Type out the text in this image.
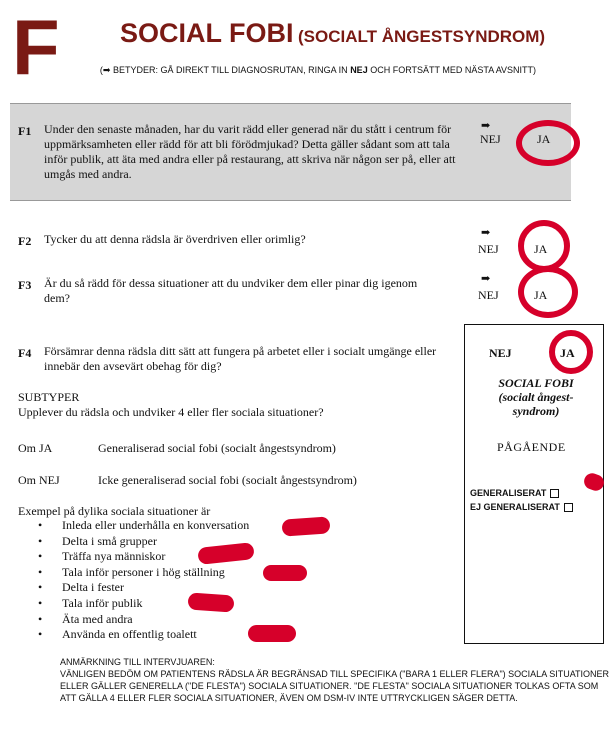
F SOCIAL FOBI (SOCIALT ÅNGESTSYNDROM)
(➡ BETYDER: GÅ DIREKT TILL DIAGNOSRUTAN, RINGA IN NEJ OCH FORTSÄTT MED NÄSTA AVSNITT)
F1 Under den senaste månaden, har du varit rädd eller generad när du stått i centrum för uppmärksamheten eller rädd för att bli förödmjukad? Detta gäller sådant som att tala inför publik, att äta med andra eller på restaurang, att skriva när någon ser på, eller att umgås med andra.
➡
NEJ	JA
F2 Tycker du att denna rädsla är överdriven eller orimlig?	➡
NEJ	JA
F3 Är du så rädd för dessa situationer att du undviker dem eller pinar dig igenom dem?
➡
NEJ	JA
F4 Försämrar denna rädsla ditt sätt att fungera på arbetet eller i socialt umgänge eller innebär den avsevärt obehag för dig?
NEJ	JA
SOCIAL FOBI (socialt ångest- syndrom)
PÅGÅENDE
GENERALISERAT
EJ GENERALISERAT
SUBTYPER
Upplever du rädsla och undviker 4 eller fler sociala situationer?
Om JA	Generaliserad social fobi (socialt ångestsyndrom)
Om NEJ	Icke generaliserad social fobi (socialt ångestsyndrom)
Exempel på dylika sociala situationer är
• Inleda eller underhålla en konversation
• Delta i små grupper
• Träffa nya människor
• Tala inför personer i hög ställning
• Delta i fester
• Tala inför publik
• Äta med andra
• Använda en offentlig toalett
ANMÄRKNING TILL INTERVJUAREN:
VÄNLIGEN BEDÖM OM PATIENTENS RÄDSLA ÄR BEGRÄNSAD TILL SPECIFIKA ("BARA 1 ELLER FLERA") SOCIALA SITUATIONER ELLER GÄLLER GENERELLA ("DE FLESTA") SOCIALA SITUATIONER. "DE FLESTA" SOCIALA SITUATIONER TOLKAS OFTA SOM ATT GÄLLA 4 ELLER FLER SOCIALA SITUATIONER, ÄVEN OM DSM-IV INTE UTTRYCKLIGEN SÄGER DETTA.
